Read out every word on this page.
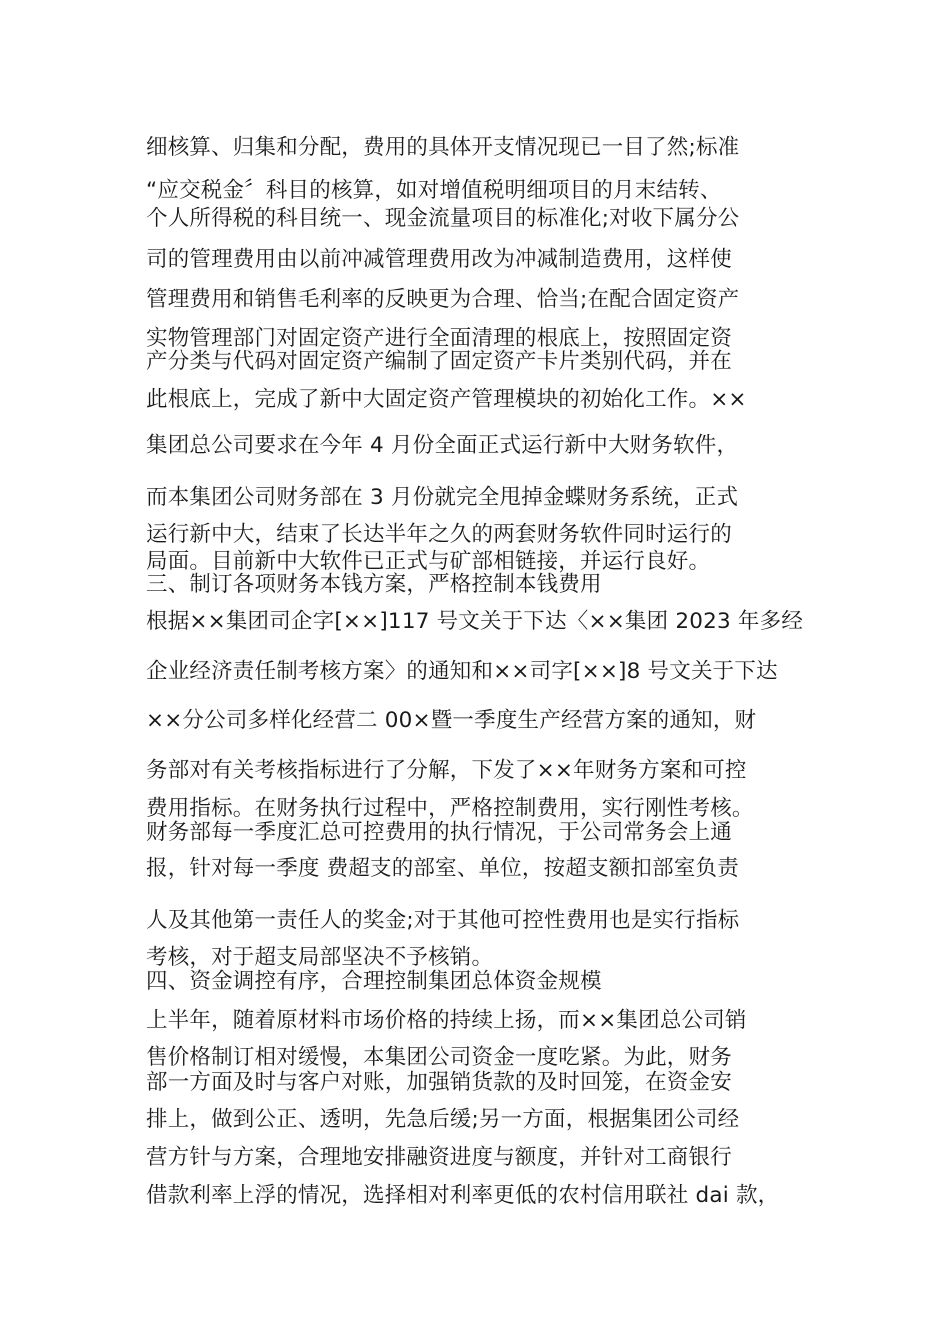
细核算、归集和分配，费用的具体开支情况现已一目了然;标准

“应交税金〞科目的核算，如对增值税明细项目的月末结转、

个人所得税的科目统一、现金流量项目的标准化;对收下属分公

司的管理费用由以前冲减管理费用改为冲减制造费用，这样使

管理费用和销售毛利率的反映更为合理、恰当;在配合固定资产

实物管理部门对固定资产进行全面清理的根底上，按照固定资

产分类与代码对固定资产编制了固定资产卡片类别代码，并在

此根底上，完成了新中大固定资产管理模块的初始化工作。××

集团总公司要求在今年 4 月份全面正式运行新中大财务软件，

而本集团公司财务部在 3 月份就完全甩掉金蝶财务系统，正式

运行新中大，结束了长达半年之久的两套财务软件同时运行的

局面。目前新中大软件已正式与矿部相链接，并运行良好。

三、制订各项财务本钱方案，严格控制本钱费用

根据××集团司企字[××]117 号文关于下达〈××集团 2023 年多经

企业经济责任制考核方案〉的通知和××司字[××]8 号文关于下达

××分公司多样化经营二 00×暨一季度生产经营方案的通知，财

务部对有关考核指标进行了分解，下发了××年财务方案和可控

费用指标。在财务执行过程中，严格控制费用，实行刚性考核。

财务部每一季度汇总可控费用的执行情况，于公司常务会上通

报，针对每一季度 费超支的部室、单位，按超支额扣部室负责

人及其他第一责任人的奖金;对于其他可控性费用也是实行指标

考核，对于超支局部坚决不予核销。

四、资金调控有序，合理控制集团总体资金规模

上半年，随着原材料市场价格的持续上扬，而××集团总公司销

售价格制订相对缓慢，本集团公司资金一度吃紧。为此，财务

部一方面及时与客户对账，加强销货款的及时回笼，在资金安

排上，做到公正、透明，先急后缓;另一方面，根据集团公司经

营方针与方案，合理地安排融资进度与额度，并针对工商银行

借款利率上浮的情况，选择相对利率更低的农村信用联社 dai 款，
